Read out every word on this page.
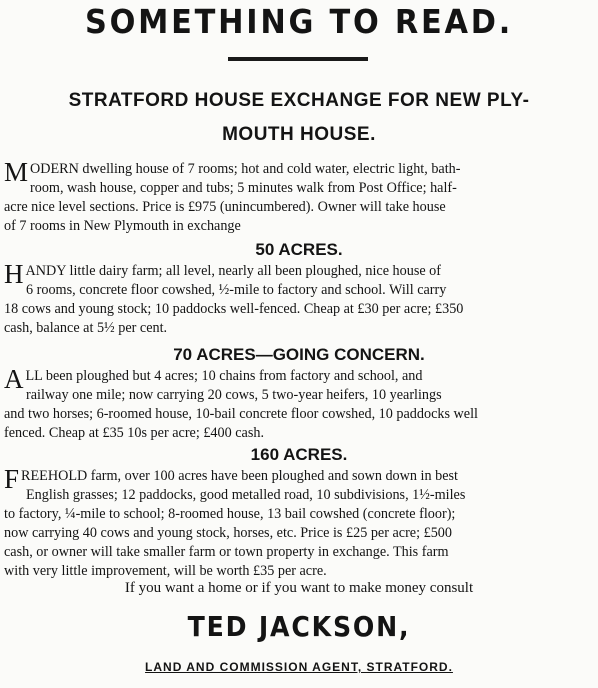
SOMETHING TO READ.
STRATFORD HOUSE EXCHANGE FOR NEW PLY-
MOUTH HOUSE.
M ODERN dwelling house of 7 rooms; hot and cold water, electric light, bath-
room, wash house, copper and tubs; 5 minutes walk from Post Office; half-
acre nice level sections. Price is £975 (unincumbered). Owner will take house
of 7 rooms in New Plymouth in exchange
50 ACRES.
H ANDY little dairy farm; all level, nearly all been ploughed, nice house of
6 rooms, concrete floor cowshed, ½-mile to factory and school. Will carry
18 cows and young stock; 10 paddocks well-fenced. Cheap at £30 per acre; £350
cash, balance at 5½ per cent.
70 ACRES—GOING CONCERN.
A LL been ploughed but 4 acres; 10 chains from factory and school, and
railway one mile; now carrying 20 cows, 5 two-year heifers, 10 yearlings
and two horses; 6-roomed house, 10-bail concrete floor cowshed, 10 paddocks well
fenced. Cheap at £35 10s per acre; £400 cash.
160 ACRES.
F REEHOLD farm, over 100 acres have been ploughed and sown down in best
English grasses; 12 paddocks, good metalled road, 10 subdivisions, 1½-miles
to factory, ¼-mile to school; 8-roomed house, 13 bail cowshed (concrete floor);
now carrying 40 cows and young stock, horses, etc. Price is £25 per acre; £500
cash, or owner will take smaller farm or town property in exchange. This farm
with very little improvement, will be worth £35 per acre.
If you want a home or if you want to make money consult
TED JACKSON,
LAND AND COMMISSION AGENT, STRATFORD.
